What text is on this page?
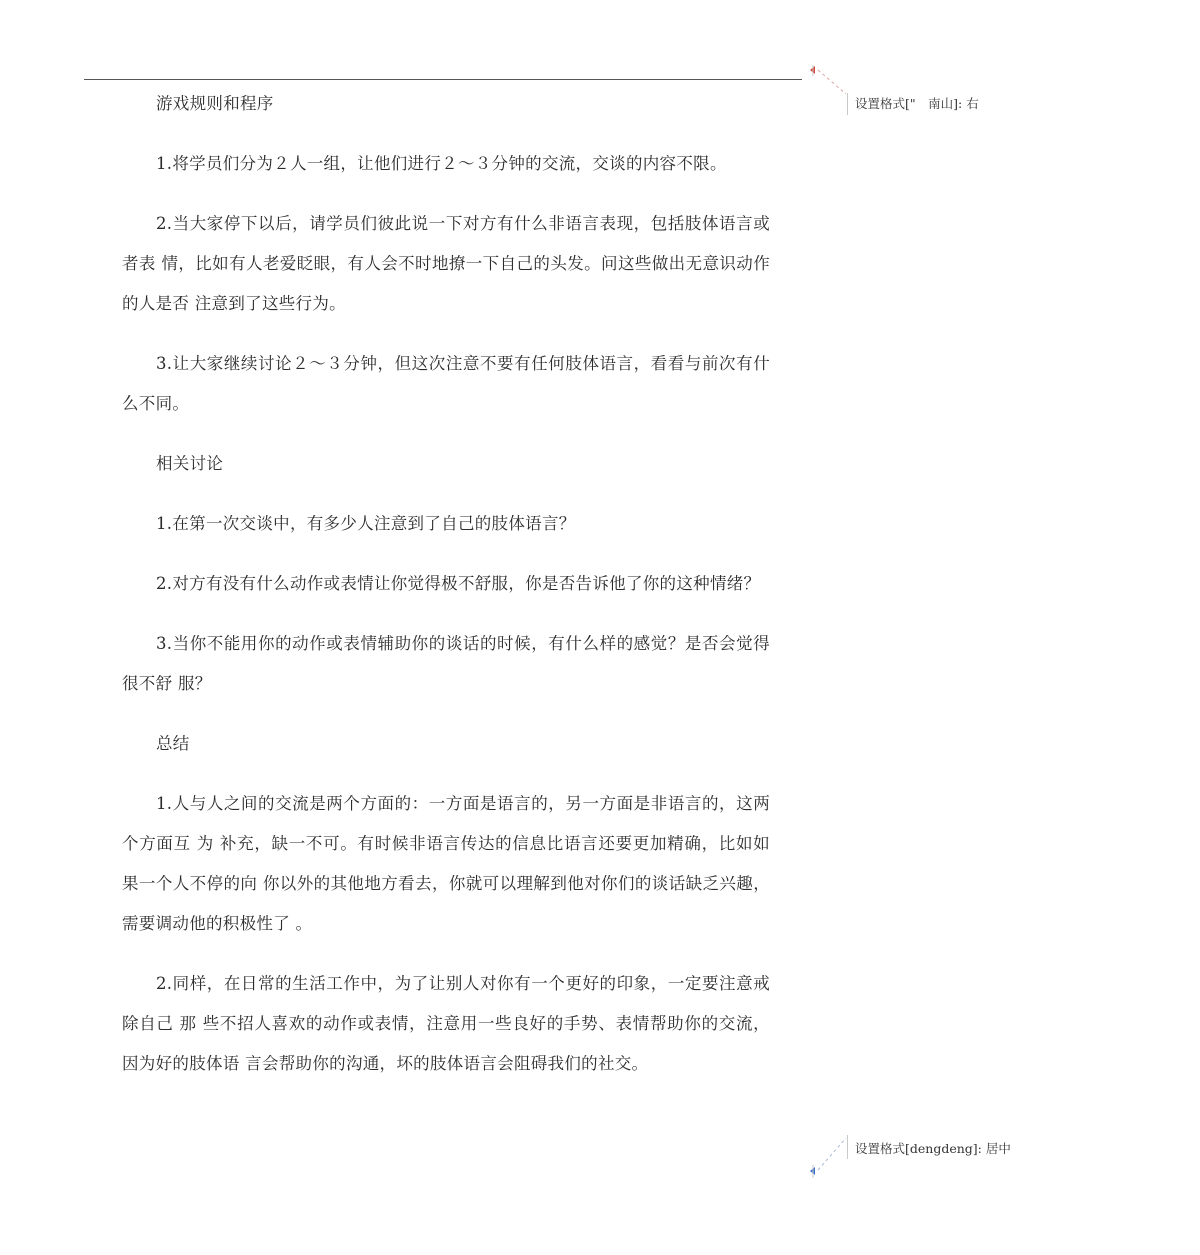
游戏规则和程序

1.将学员们分为２人一组，让他们进行２～３分钟的交流，交谈的内容不限。

2.当大家停下以后，请学员们彼此说一下对方有什么非语言表现，包括肢体语言或者表 情，比如有人老爱眨眼，有人会不时地撩一下自己的头发。问这些做出无意识动作的人是否 注意到了这些行为。

3.让大家继续讨论２～３分钟，但这次注意不要有任何肢体语言，看看与前次有什么不同。

相关讨论

1.在第一次交谈中，有多少人注意到了自己的肢体语言？

2.对方有没有什么动作或表情让你觉得极不舒服，你是否告诉他了你的这种情绪？

3.当你不能用你的动作或表情辅助你的谈话的时候，有什么样的感觉？是否会觉得很不舒 服？

总结

1.人与人之间的交流是两个方面的：一方面是语言的，另一方面是非语言的，这两个方面互 为 补充，缺一不可。有时候非语言传达的信息比语言还要更加精确，比如如果一个人不停的向 你以外的其他地方看去，你就可以理解到他对你们的谈话缺乏兴趣，需要调动他的积极性了 。

2.同样，在日常的生活工作中，为了让别人对你有一个更好的印象，一定要注意戒除自己 那 些不招人喜欢的动作或表情，注意用一些良好的手势、表情帮助你的交流，因为好的肢体语 言会帮助你的沟通，坏的肢体语言会阻碍我们的社交。

设置格式["　南山]: 右
设置格式[dengdeng]: 居中
